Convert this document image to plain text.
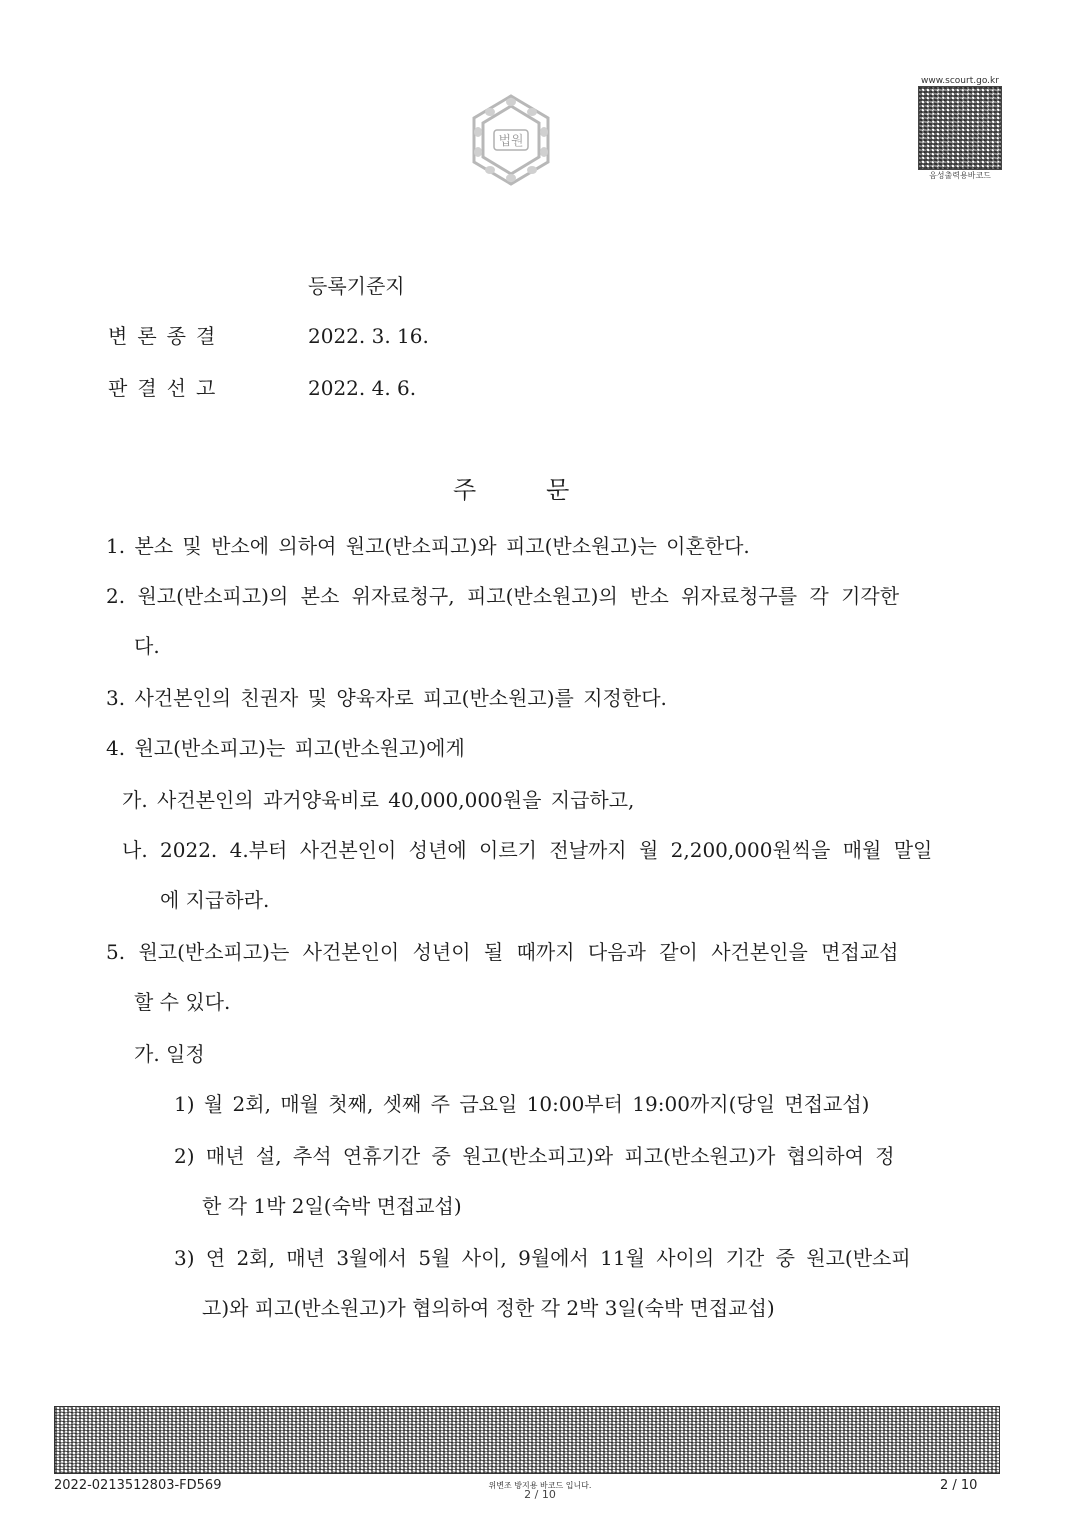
법원
www.scourt.go.kr
음성출력용바코드
등록기준지
변론종결	2022. 3. 16.
판결선고	2022. 4. 6.
주문
1. 본소 및 반소에 의하여 원고(반소피고)와 피고(반소원고)는 이혼한다.
2. 원고(반소피고)의 본소 위자료청구, 피고(반소원고)의 반소 위자료청구를 각 기각한
다.
3. 사건본인의 친권자 및 양육자로 피고(반소원고)를 지정한다.
4. 원고(반소피고)는 피고(반소원고)에게
가. 사건본인의 과거양육비로 40,000,000원을 지급하고,
나. 2022. 4.부터 사건본인이 성년에 이르기 전날까지 월 2,200,000원씩을 매월 말일
에 지급하라.
5. 원고(반소피고)는 사건본인이 성년이 될 때까지 다음과 같이 사건본인을 면접교섭
할 수 있다.
가. 일정
1) 월 2회, 매월 첫째, 셋째 주 금요일 10:00부터 19:00까지(당일 면접교섭)
2) 매년 설, 추석 연휴기간 중 원고(반소피고)와 피고(반소원고)가 협의하여 정
한 각 1박 2일(숙박 면접교섭)
3) 연 2회, 매년 3월에서 5월 사이, 9월에서 11월 사이의 기간 중 원고(반소피
고)와 피고(반소원고)가 협의하여 정한 각 2박 3일(숙박 면접교섭)
2022-0213512803-FD569	위변조 방지용 바코드 입니다.
2 / 10
2 / 10
